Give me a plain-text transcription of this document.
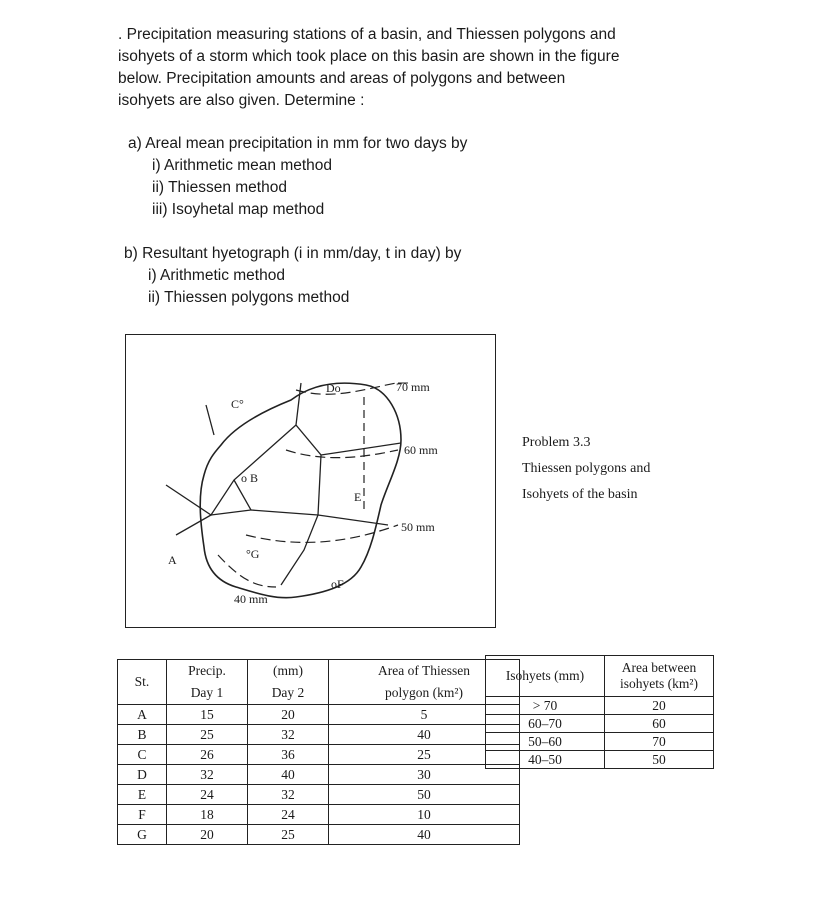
. Precipitation measuring stations of a basin, and Thiessen polygons and
isohyets of a storm which took place on this basin are shown in the figure
below. Precipitation amounts and areas of polygons and between
isohyets are also given. Determine :
a) Areal mean precipitation in mm for two days by
i) Arithmetic mean method
ii) Thiessen method
iii) Isoyhetal map method
b) Resultant hyetograph (i in mm/day, t in day) by
i) Arithmetic method
ii) Thiessen polygons method
C°
Do
o B
E
°G
A
oF
70 mm
60 mm
50 mm
40 mm
Problem 3.3
Thiessen polygons and
Isohyets of the basin
St.	Precip.	(mm)	Area of Thiessen
	Day 1	Day 2	polygon (km²)
A	15	20	5
B	25	32	40
C	26	36	25
D	32	40	30
E	24	32	50
F	18	24	10
G	20	25	40
Isohyets (mm)	Area between
isohyets (km²)

> 70	20
60–70	60
50–60	70
40–50	50
